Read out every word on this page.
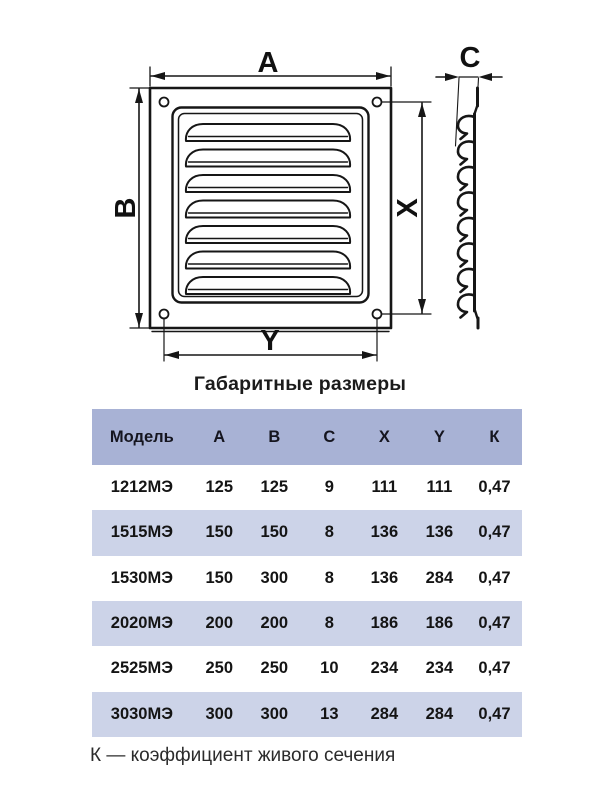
A
B	X
Y
C
Габаритные размеры
Модель	A	B	C	X	Y	К
1212МЭ	125	125	9	111	111	0,47
1515МЭ	150	150	8	136	136	0,47
1530МЭ	150	300	8	136	284	0,47
2020МЭ	200	200	8	186	186	0,47
2525МЭ	250	250	10	234	234	0,47
3030МЭ	300	300	13	284	284	0,47
К — коэффициент живого сечения
